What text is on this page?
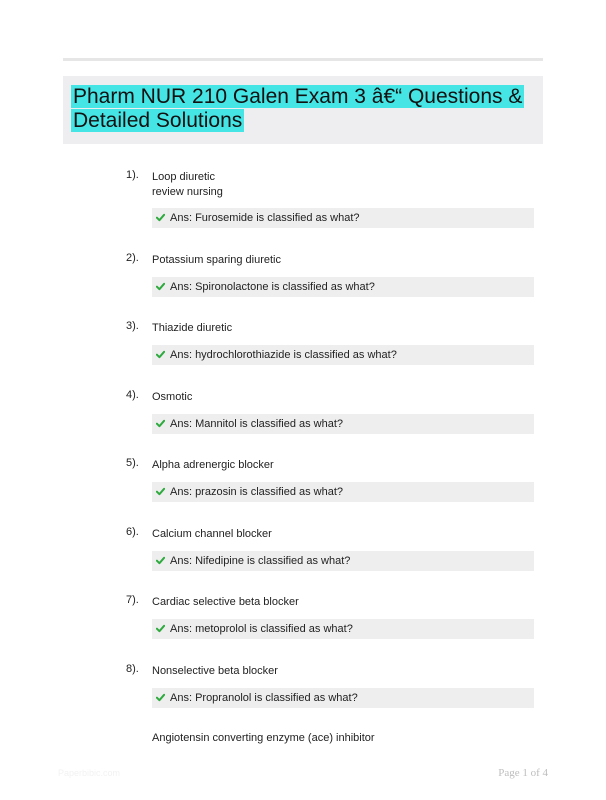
Pharm NUR 210 Galen Exam 3 â€“ Questions & Detailed Solutions
1). Loop diuretic
review nursing
Ans: Furosemide is classified as what?
2). Potassium sparing diuretic
Ans: Spironolactone is classified as what?
3). Thiazide diuretic
Ans: hydrochlorothiazide is classified as what?
4). Osmotic
Ans: Mannitol is classified as what?
5). Alpha adrenergic blocker
Ans: prazosin is classified as what?
6). Calcium channel blocker
Ans: Nifedipine is classified as what?
7). Cardiac selective beta blocker
Ans: metoprolol is classified as what?
8). Nonselective beta blocker
Ans: Propranolol is classified as what?
Angiotensin converting enzyme (ace) inhibitor
Paperbibic.com	Page 1 of 4
